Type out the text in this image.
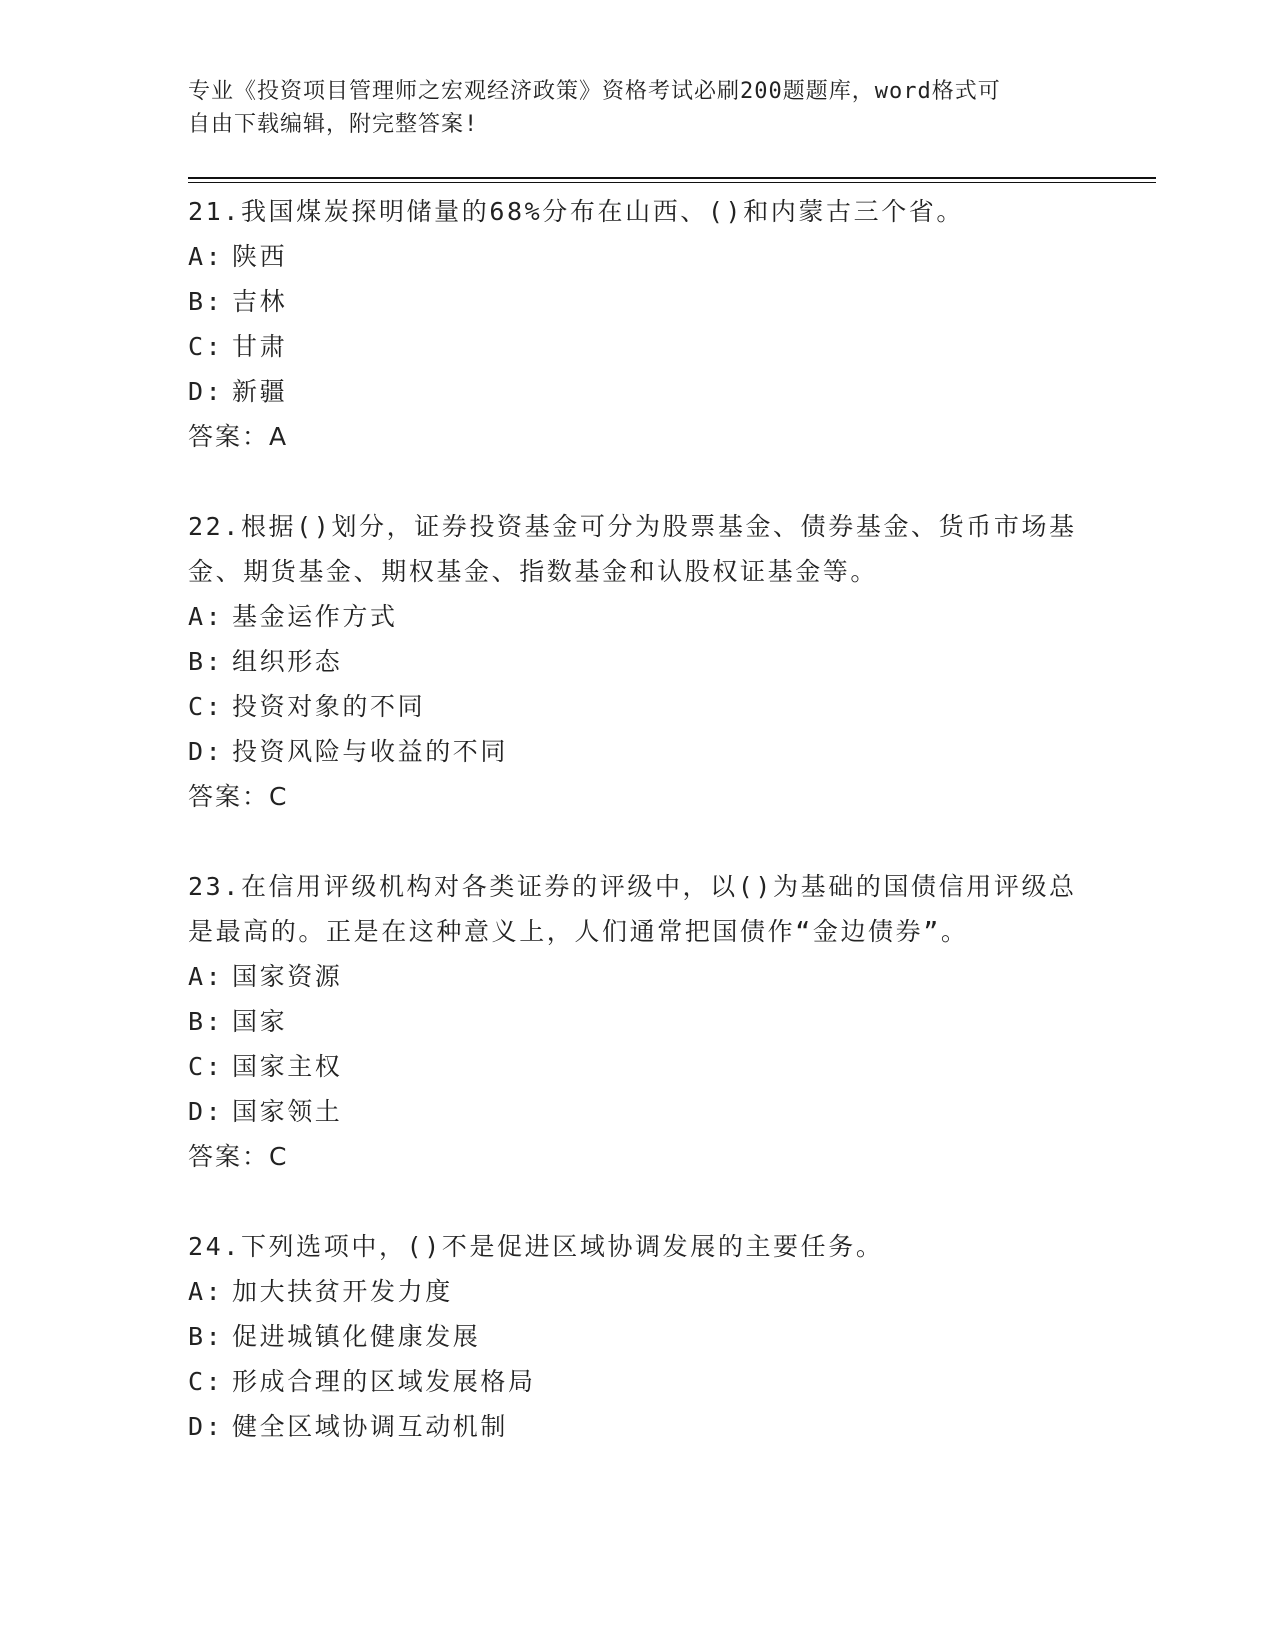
专业《投资项目管理师之宏观经济政策》资格考试必刷200题题库，word格式可
自由下载编辑，附完整答案!
21.我国煤炭探明储量的68%分布在山西、()和内蒙古三个省。
A: 陕西
B: 吉林
C: 甘肃
D: 新疆
答案：A
22.根据()划分，证券投资基金可分为股票基金、债券基金、货币市场基金、期货基金、期权基金、指数基金和认股权证基金等。
A: 基金运作方式
B: 组织形态
C: 投资对象的不同
D: 投资风险与收益的不同
答案：C
23.在信用评级机构对各类证券的评级中，以()为基础的国债信用评级总是最高的。正是在这种意义上，人们通常把国债作“金边债券”。
A: 国家资源
B: 国家
C: 国家主权
D: 国家领土
答案：C
24.下列选项中，()不是促进区域协调发展的主要任务。
A: 加大扶贫开发力度
B: 促进城镇化健康发展
C: 形成合理的区域发展格局
D: 健全区域协调互动机制
